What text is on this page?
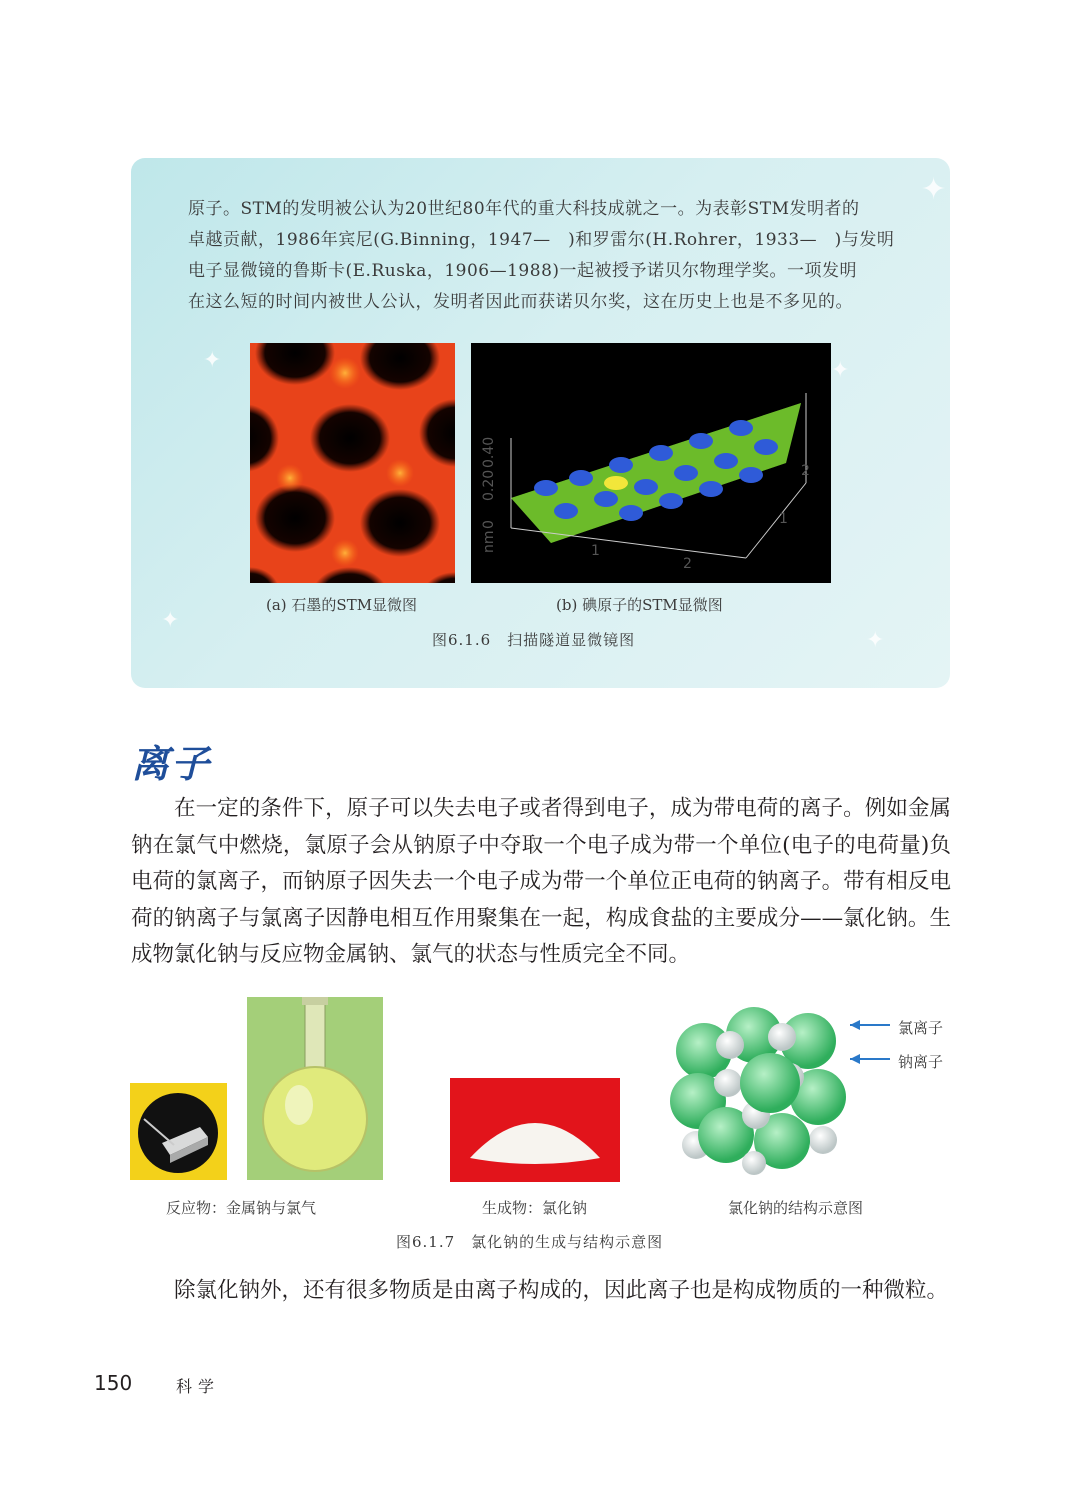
✦
✦
✦
✦
✦

原子。STM的发明被公认为20世纪80年代的重大科技成就之一。为表彰STM发明者的

卓越贡献，1986年宾尼(G.Binning，1947—　)和罗雷尔(H.Rohrer，1933—　)与发明

电子显微镜的鲁斯卡(E.Ruska，1906—1988)一起被授予诺贝尔物理学奖。一项发明

在这么短的时间内被世人公认，发明者因此而获诺贝尔奖，这在历史上也是不多见的。

0
0.20
0.40
nm	1
2
1
2
(a) 石墨的STM显微图	(b) 碘原子的STM显微图
图6.1.6　扫描隧道显微镜图
离子

在一定的条件下，原子可以失去电子或者得到电子，成为带电荷的离子。例如金属钠在氯气中燃烧，氯原子会从钠原子中夺取一个电子成为带一个单位(电子的电荷量)负电荷的氯离子，而钠原子因失去一个电子成为带一个单位正电荷的钠离子。带有相反电荷的钠离子与氯离子因静电相互作用聚集在一起，构成食盐的主要成分——氯化钠。生成物氯化钠与反应物金属钠、氯气的状态与性质完全不同。

氯离子
钠离子
反应物：金属钠与氯气	生成物：氯化钠	氯化钠的结构示意图
图6.1.7　氯化钠的生成与结构示意图

除氯化钠外，还有很多物质是由离子构成的，因此离子也是构成物质的一种微粒。

150	科学
